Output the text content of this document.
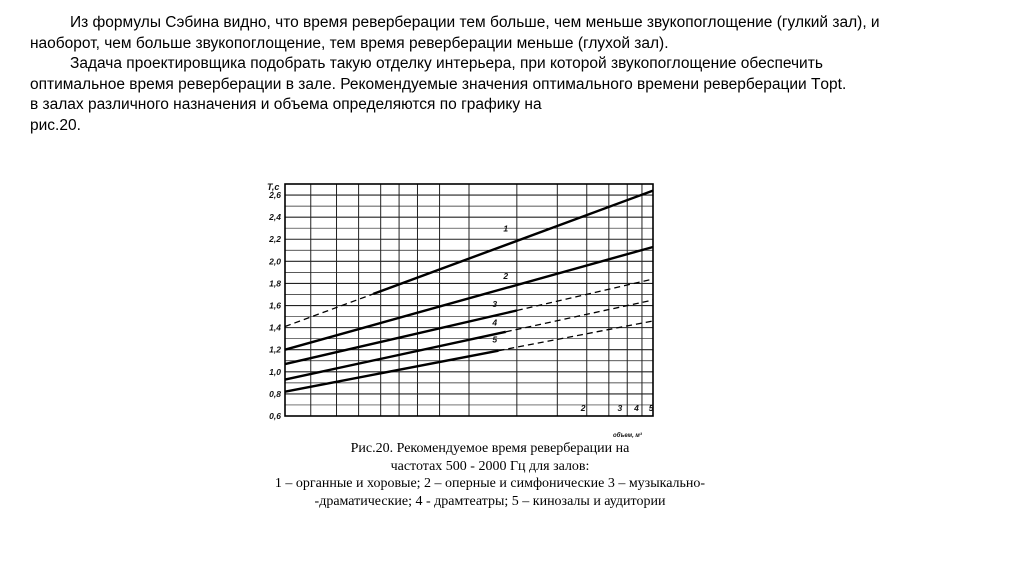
Из формулы Сэбина видно, что время реверберации тем больше, чем меньше звукопоглощение (гулкий зал), и
наоборот, чем больше звукопоглощение, тем время реверберации меньше (глухой зал).

Задача проектировщика подобрать такую отделку интерьера, при которой звукопоглощение обеспечить
оптимальное время реверберации в зале. Рекомендуемые значения оптимального времени реверберации Тopt.
в залах различного назначения и объема определяются по графику на
рис.20.

0,6
0,8
1,0
1,2
1,4
1,6
1,8
2,0
2,2
2,4
2,6
2	3 4 5
1
2
3
4
5
T,c
объем, м³
Рис.20. Рекомендуемое время реверберации на
частотах 500 - 2000 Гц для залов:
1 – органные и хоровые; 2 – оперные и симфонические 3 – музыкально-
-драматические; 4 - драмтеатры; 5 – кинозалы и аудитории
